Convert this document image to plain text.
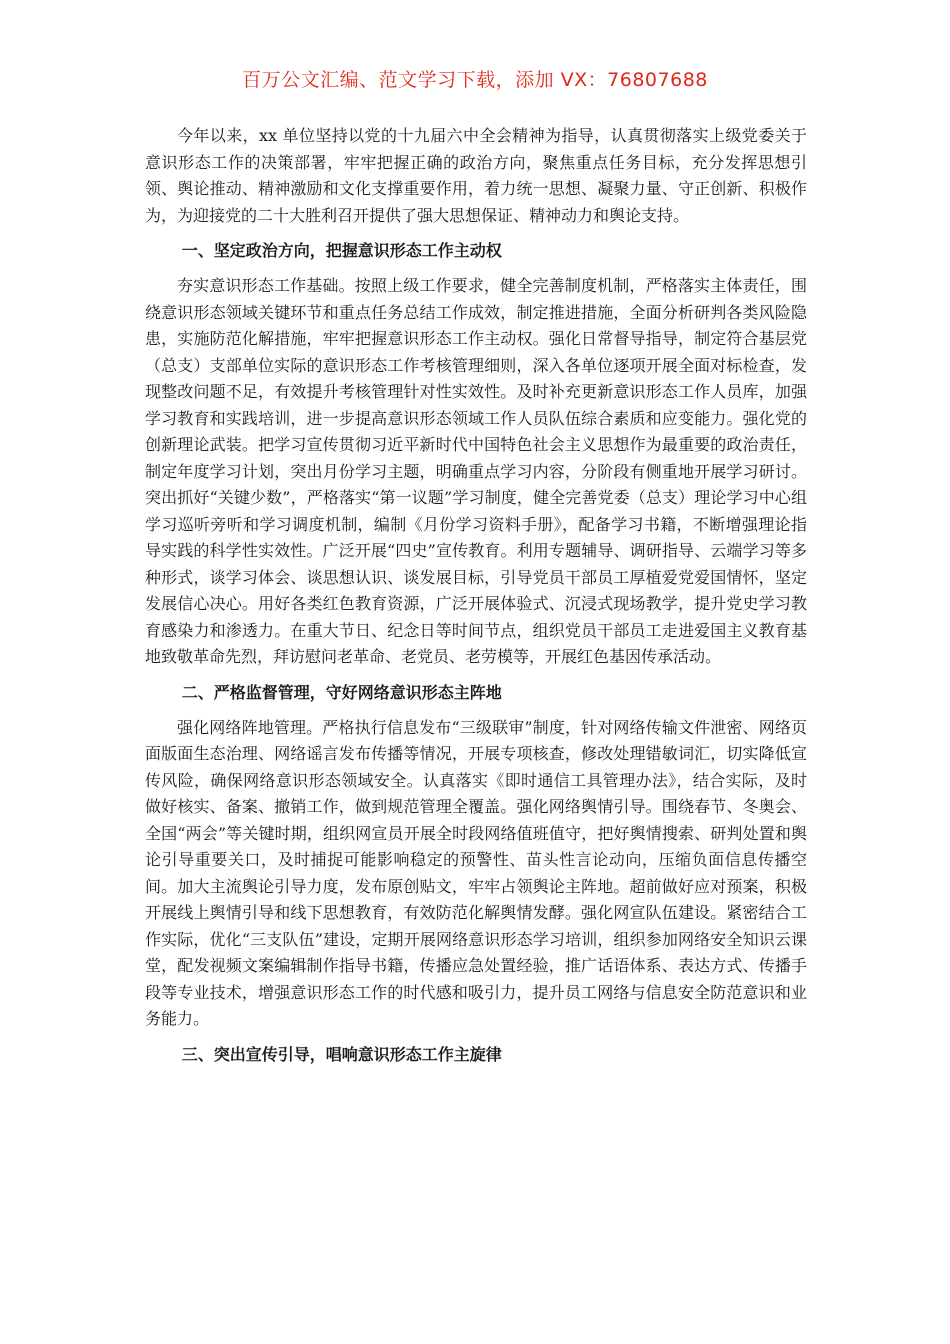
百万公文汇编、范文学习下载，添加 VX：76807688

今年以来，xx 单位坚持以党的十九届六中全会精神为指导，认真贯彻落实上级党委关于意识形态工作的决策部署，牢牢把握正确的政治方向，聚焦重点任务目标，充分发挥思想引领、舆论推动、精神激励和文化支撑重要作用，着力统一思想、凝聚力量、守正创新、积极作为，为迎接党的二十大胜利召开提供了强大思想保证、精神动力和舆论支持。

一、坚定政治方向，把握意识形态工作主动权

夯实意识形态工作基础。按照上级工作要求，健全完善制度机制，严格落实主体责任，围绕意识形态领域关键环节和重点任务总结工作成效，制定推进措施，全面分析研判各类风险隐患，实施防范化解措施，牢牢把握意识形态工作主动权。强化日常督导指导，制定符合基层党（总支）支部单位实际的意识形态工作考核管理细则，深入各单位逐项开展全面对标检查，发现整改问题不足，有效提升考核管理针对性实效性。及时补充更新意识形态工作人员库，加强学习教育和实践培训，进一步提高意识形态领域工作人员队伍综合素质和应变能力。强化党的创新理论武装。把学习宣传贯彻习近平新时代中国特色社会主义思想作为最重要的政治责任，制定年度学习计划，突出月份学习主题，明确重点学习内容，分阶段有侧重地开展学习研讨。突出抓好“关键少数”，严格落实“第一议题”学习制度，健全完善党委（总支）理论学习中心组学习巡听旁听和学习调度机制，编制《月份学习资料手册》，配备学习书籍，不断增强理论指导实践的科学性实效性。广泛开展“四史”宣传教育。利用专题辅导、调研指导、云端学习等多种形式，谈学习体会、谈思想认识、谈发展目标，引导党员干部员工厚植爱党爱国情怀，坚定发展信心决心。用好各类红色教育资源，广泛开展体验式、沉浸式现场教学，提升党史学习教育感染力和渗透力。在重大节日、纪念日等时间节点，组织党员干部员工走进爱国主义教育基地致敬革命先烈，拜访慰问老革命、老党员、老劳模等，开展红色基因传承活动。

二、严格监督管理，守好网络意识形态主阵地

强化网络阵地管理。严格执行信息发布“三级联审”制度，针对网络传输文件泄密、网络页面版面生态治理、网络谣言发布传播等情况，开展专项核查，修改处理错敏词汇，切实降低宣传风险，确保网络意识形态领域安全。认真落实《即时通信工具管理办法》，结合实际，及时做好核实、备案、撤销工作，做到规范管理全覆盖。强化网络舆情引导。围绕春节、冬奥会、全国“两会”等关键时期，组织网宣员开展全时段网络值班值守，把好舆情搜索、研判处置和舆论引导重要关口，及时捕捉可能影响稳定的预警性、苗头性言论动向，压缩负面信息传播空间。加大主流舆论引导力度，发布原创贴文，牢牢占领舆论主阵地。超前做好应对预案，积极开展线上舆情引导和线下思想教育，有效防范化解舆情发酵。强化网宣队伍建设。紧密结合工作实际，优化“三支队伍”建设，定期开展网络意识形态学习培训，组织参加网络安全知识云课堂，配发视频文案编辑制作指导书籍，传播应急处置经验，推广话语体系、表达方式、传播手段等专业技术，增强意识形态工作的时代感和吸引力，提升员工网络与信息安全防范意识和业务能力。

三、突出宣传引导，唱响意识形态工作主旋律
